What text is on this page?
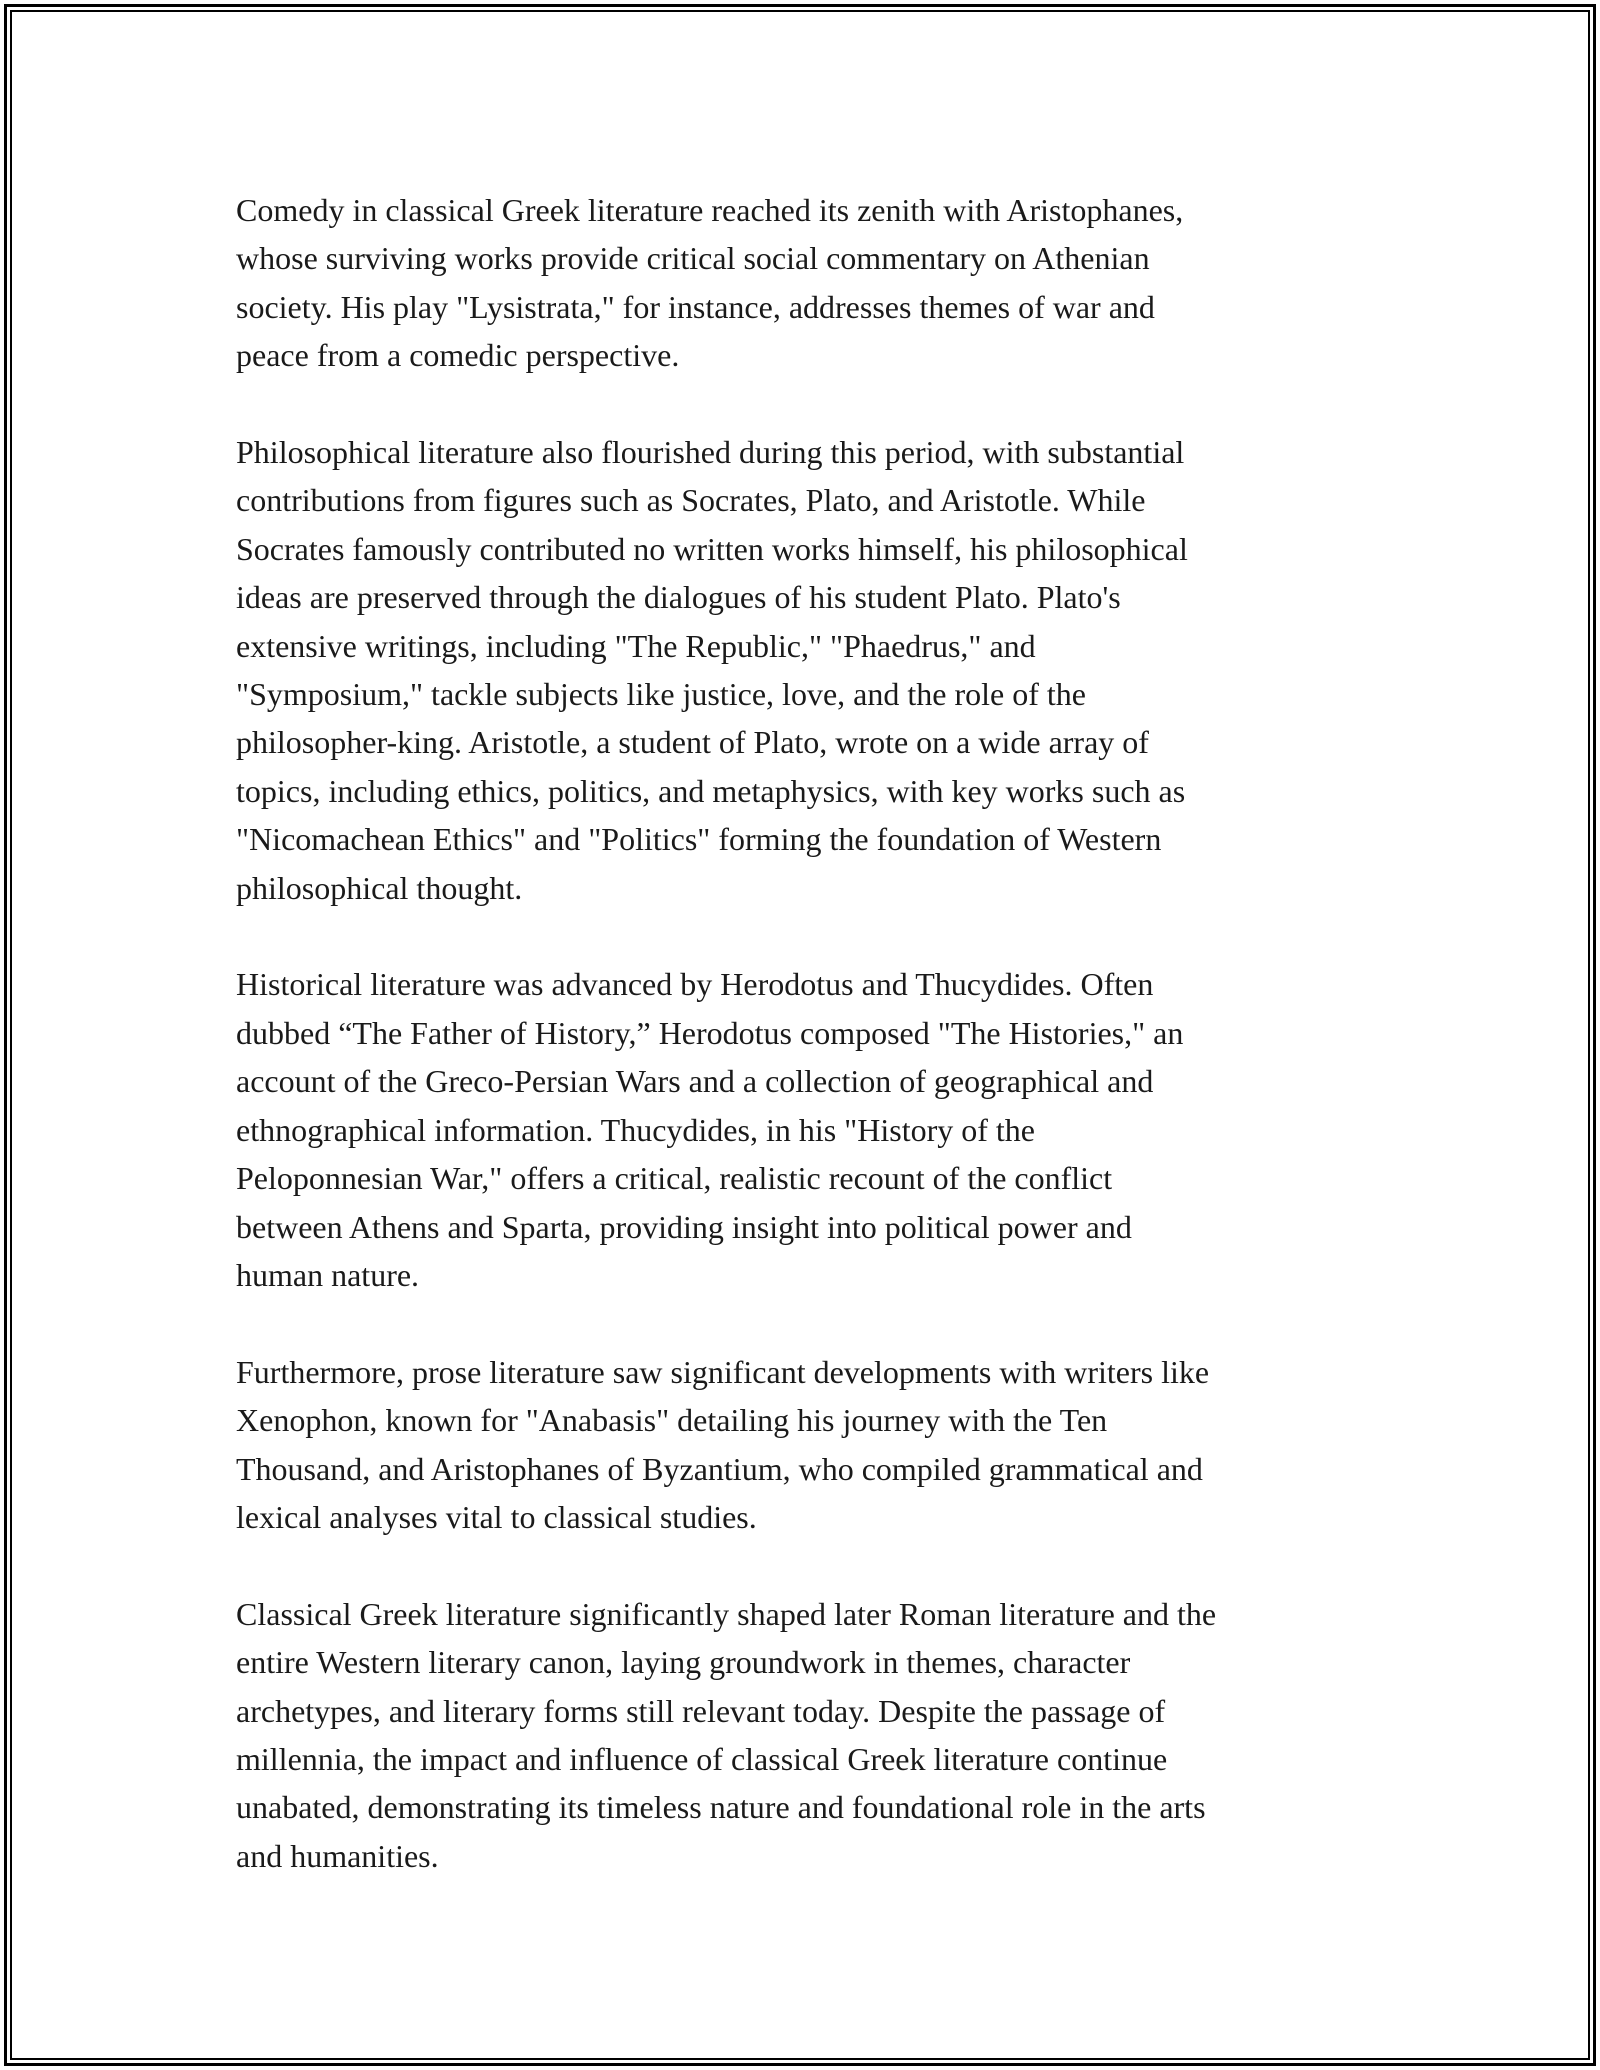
Comedy in classical Greek literature reached its zenith with Aristophanes,
whose surviving works provide critical social commentary on Athenian
society. His play "Lysistrata," for instance, addresses themes of war and
peace from a comedic perspective.

Philosophical literature also flourished during this period, with substantial
contributions from figures such as Socrates, Plato, and Aristotle. While
Socrates famously contributed no written works himself, his philosophical
ideas are preserved through the dialogues of his student Plato. Plato's
extensive writings, including "The Republic," "Phaedrus," and
"Symposium," tackle subjects like justice, love, and the role of the
philosopher-king. Aristotle, a student of Plato, wrote on a wide array of
topics, including ethics, politics, and metaphysics, with key works such as
"Nicomachean Ethics" and "Politics" forming the foundation of Western
philosophical thought.

Historical literature was advanced by Herodotus and Thucydides. Often
dubbed “The Father of History,” Herodotus composed "The Histories," an
account of the Greco-Persian Wars and a collection of geographical and
ethnographical information. Thucydides, in his "History of the
Peloponnesian War," offers a critical, realistic recount of the conflict
between Athens and Sparta, providing insight into political power and
human nature.

Furthermore, prose literature saw significant developments with writers like
Xenophon, known for "Anabasis" detailing his journey with the Ten
Thousand, and Aristophanes of Byzantium, who compiled grammatical and
lexical analyses vital to classical studies.

Classical Greek literature significantly shaped later Roman literature and the
entire Western literary canon, laying groundwork in themes, character
archetypes, and literary forms still relevant today. Despite the passage of
millennia, the impact and influence of classical Greek literature continue
unabated, demonstrating its timeless nature and foundational role in the arts
and humanities.
